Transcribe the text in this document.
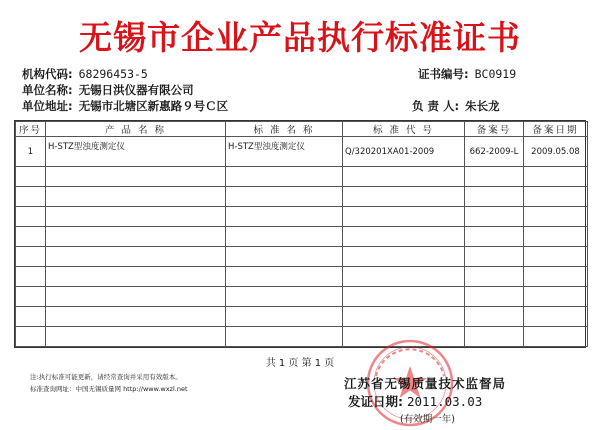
无锡市企业产品执行标准证书
机构代码: 68296453-5	证书编号: BC0919
单位名称: 无锡日洪仪器有限公司
单位地址: 无锡市北塘区新惠路９号Ｃ区	负 责 人: 朱长龙
序号	产 品 名 称	标 准 名 称	标 准 代 号	备案号	备案日期
1	H-STZ型浊度测定仪	H-STZ型浊度测定仪	Q/320201XA01-2009	662-2009-L	2009.05.08

共 1 页 第 1 页
注:执行标准可能更新，请经常查询并采用有效版本。
标准查询网址：中国无锡质量网 http://www.wxzl.net	江苏省无锡质量技术监督局
发证日期: 2011.03.03
(有效期一年)
